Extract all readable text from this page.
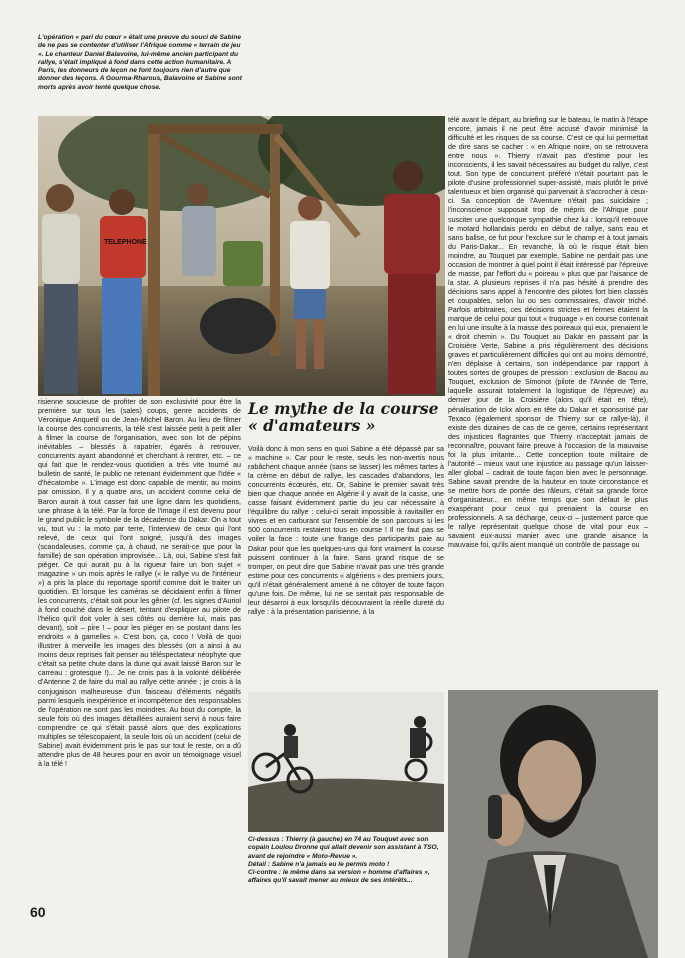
L'opération « pari du cœur » était une preuve du souci de Sabine de ne pas se contenter d'utiliser l'Afrique comme « terrain de jeu ». Le chanteur Daniel Balavoine, lui-même ancien participant du rallye, s'était impliqué à fond dans cette action humanitaire. A Paris, les donneurs de leçon ne font toujours rien d'autre que donner des leçons. A Gourma-Rharous, Balavoine et Sabine sont morts après avoir tenté quelque chose.
TELEPHONE
risienne soucieuse de profiter de son exclusivité pour être la première sur tous les (sales) coups, genre accidents de Véronique Anquetil ou de Jean-Michel Baron. Au lieu de filmer la course des concurrents, la télé s'est laissée petit à petit aller à filmer la course de l'organisation, avec son lot de pépins inévitables – blessés à rapatrier, égarés à retrouver, concurrents ayant abandonné et cherchant à rentrer, etc. – ce qui fait que le rendez-vous quotidien a très vite tourné au bulletin de santé, le public ne retenant évidemment que l'idée « d'hécatombe ». L'image est donc capable de mentir, au moins par omission. Il y a quatre ans, un accident comme celui de Baron aurait à tout casser fait une ligne dans les quotidiens, une phrase à la télé. Par la force de l'image il est devenu pour le grand public le symbole de la décadence du Dakar. On a tout vu, tout vu : la moto par terre, l'interview de ceux qui l'ont relevé, de ceux qui l'ont soigné, jusqu'à des images (scandaleuses, comme ça, à chaud, ne serait-ce que pour la famille) de son opération improvisée... Là, oui, Sabine s'est fait piéger. Ce qui aurait pu à la rigueur faire un bon sujet « magazine » un mois après le rallye (« le rallye vu de l'intérieur ») a pris la place du reportage sportif comme doit le traiter un quotidien. Et lorsque les caméras se décidaient enfin à filmer les concurrents, c'était soit pour les gêner (cf. les signes d'Auriol à fond couché dans le désert, tentant d'expliquer au pilote de l'hélico qu'il doit voler à ses côtés ou derrière lui, mais pas devant), soit – pire ! – pour les piéger en se postant dans les endroits « à gamelles ». C'est bon, ça, coco ! Voilà de quoi illustrer à merveille les images des blessés (on a ainsi à au moins deux reprises fait penser au téléspectateur néophyte que c'était sa petite chute dans la dune qui avait laissé Baron sur le carreau : grotesque !)... Je ne crois pas à la volonté délibérée d'Antenne 2 de faire du mal au rallye cette année ; je crois à la conjugaison malheureuse d'un faisceau d'éléments négatifs parmi lesquels inexpérience et incompétence des responsables de l'opération ne sont pas les moindres. Au bout du compte, la seule fois où des images détaillées auraient servi à nous faire comprendre ce qui s'était passé alors que des explications multiples se télescopaient, la seule fois où un accident (celui de Sabine) avait évidemment pris le pas sur tout le reste, on a dû attendre plus de 48 heures pour en avoir un témoignage visuel à la télé !
Le mythe de la course « d'amateurs »
Voilà donc à mon sens en quoi Sabine a été dépassé par sa « machine ». Car pour le reste, seuls les non-avertis nous rabâchent chaque année (sans se lasser) les mêmes tartes à la crème en début de rallye, les cascades d'abandons, les concurrents écœurés, etc. Or, Sabine le premier savait très bien que chaque année en Algérie il y avait de la casse, une casse faisant évidemment partie du jeu car nécessaire à l'équilibre du rallye : celui-ci serait impossible à ravitailler en vivres et en carburant sur l'ensemble de son parcours si les 500 concurrents restaient tous en course ! Il ne faut pas se voiler la face : toute une frange des participants paie au Dakar pour que les quelques-uns qui font vraiment la course puissent continuer à la faire. Sans grand risque de se tromper, on peut dire que Sabine n'avait pas une très grande estime pour ces concurrents « algériens » des premiers jours, qu'il n'était généralement amené à ne côtoyer de toute façon qu'une fois. De même, lui ne se sentait pas responsable de leur désarroi à eux lorsqu'ils découvraient la réelle dureté du rallye : à la présentation parisienne, à la
Ci-dessus : Thierry (à gauche) en 74 au Touquet avec son copain Loulou Dronne qui allait devenir son assistant à TSO, avant de rejoindre « Moto-Revue ».
Détail : Sabine n'a jamais eu le permis moto !
Ci-contre : le même dans sa version « homme d'affaires », affaires qu'il savait mener au mieux de ses intérêts...
télé avant le départ, au briefing sur le bateau, le matin à l'étape encore, jamais il ne peut être accusé d'avoir minimisé la difficulté et les risques de sa course. C'est ce qui lui permettait de dire sans se cacher : « en Afrique noire, on se retrouvera entre nous ». Thierry n'avait pas d'estime pour les inconscients, il les savait nécessaires au budget du rallye, c'est tout. Son type de concurrent préféré n'était pourtant pas le pilote d'usine professionnel super-assisté, mais plutôt le privé talentueux et bien organisé qui parvenait à s'accrocher à ceux-ci. Sa conception de l'Aventure n'était pas suicidaire ; l'inconscience supposait trop de mépris de l'Afrique pour susciter une quelconque sympathie chez lui : lorsqu'il retrouve le motard hollandais perdu en début de rallye, sans eau et sans balise, ce fut pour l'exclure sur le champ et à tout jamais du Paris-Dakar... En revanche, là où le risque était bien moindre, au Touquet par exemple, Sabine ne perdait pas une occasion de montrer à quel point il était intéressé par l'épreuve de masse, par l'effort du « poireau » plus que par l'aisance de la star. A plusieurs reprises il n'a pas hésité à prendre des décisions sans appel à l'encontre des pilotes fort bien classés et coupables, selon lui ou ses commissaires, d'avoir triché. Parfois arbitraires, ces décisions strictes et fermes étaient la marque de celui pour qui tout « truquage » en course contenait en lui une insulte à la masse des poireaux qui eux, prenaient le « droit chemin ». Du Touquet au Dakar en passant par la Croisière Verte, Sabine a pris régulièrement des décisions graves et particulièrement difficiles qui ont au moins démontré, n'en déplaise à certains, son indépendance par rapport à toutes sortes de groupes de pression : exclusion de Bacou au Touquet, exclusion de Simonot (pilote de l'Année de Terre, laquelle assurait totalement la logistique de l'épreuve) au dernier jour de la Croisière (alors qu'il était en tête), pénalisation de Ickx alors en tête du Dakar et sponsorisé par Texaco (également sponsor de Thierry sur ce rallye-là), il existe des dizaines de cas de ce genre, certains représentant des injustices flagrantes que Thierry n'acceptait jamais de reconnaître, pouvant faire preuve à l'occasion de la mauvaise foi la plus irritante... Cette conception toute militaire de l'autorité – mieux vaut une injustice au passage qu'un laisser-aller global – cadrait de toute façon bien avec le personnage. Sabine savait prendre de la hauteur en toute circonstance et se mettre hors de portée des râleurs, c'était sa grande force d'organisateur... en même temps que son défaut le plus exaspérant pour ceux qui prenaient la course en professionnels. A sa décharge, ceux-ci – justement parce que le rallye représentait quelque chose de vital pour eux – savaient eux-aussi manier avec une grande aisance la mauvaise foi, qu'ils aient manqué un contrôle de passage ou
60
